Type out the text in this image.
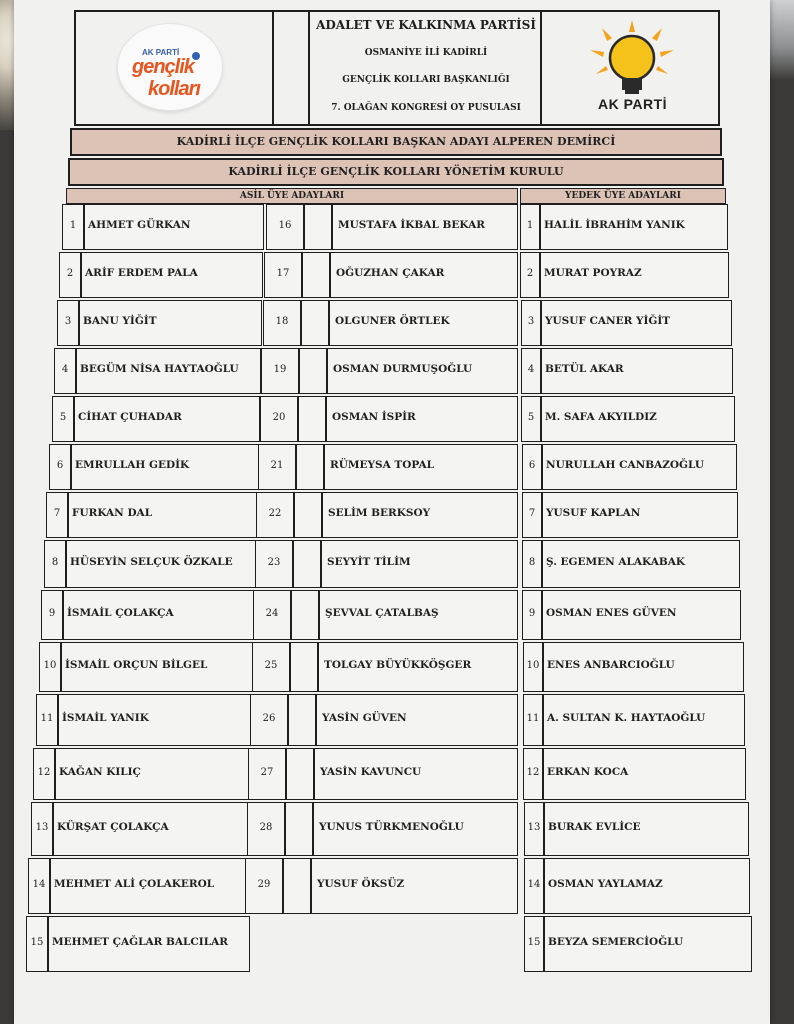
AK PARTİ
gençlik
kolları
ADALET VE KALKINMA PARTİSİ
OSMANİYE İLİ KADİRLİ
GENÇLİK KOLLARI BAŞKANLIĞI
7. OLAĞAN KONGRESİ OY PUSULASI	AK PARTİ
KADİRLİ İLÇE GENÇLİK KOLLARI BAŞKAN ADAYI ALPEREN DEMİRCİ
KADİRLİ İLÇE GENÇLİK KOLLARI YÖNETİM KURULU
ASİL ÜYE ADAYLARI	YEDEK ÜYE ADAYLARI
1	AHMET GÜRKAN	16	MUSTAFA İKBAL BEKAR	1	HALİL İBRAHİM YANIK
2	ARİF ERDEM PALA	17	OĞUZHAN ÇAKAR	2	MURAT POYRAZ
3	BANU YİĞİT	18	OLGUNER ÖRTLEK	3	YUSUF CANER YİĞİT
4	BEGÜM NİSA HAYTAOĞLU	19	OSMAN DURMUŞOĞLU	4	BETÜL AKAR
5	CİHAT ÇUHADAR	20	OSMAN İSPİR	5	M. SAFA AKYILDIZ
6	EMRULLAH GEDİK	21	RÜMEYSA TOPAL	6	NURULLAH CANBAZOĞLU
7	FURKAN DAL	22	SELİM BERKSOY	7	YUSUF KAPLAN
8	HÜSEYİN SELÇUK ÖZKALE	23	SEYYİT TİLİM	8	Ş. EGEMEN ALAKABAK
9	İSMAİL ÇOLAKÇA	24	ŞEVVAL ÇATALBAŞ	9	OSMAN ENES GÜVEN
10 İSMAİL ORÇUN BİLGEL	25	TOLGAY BÜYÜKKÖŞGER	10 ENES ANBARCIOĞLU
11 İSMAİL YANIK	26	YASİN GÜVEN	11 A. SULTAN K. HAYTAOĞLU
12 KAĞAN KILIÇ	27	YASİN KAVUNCU	12 ERKAN KOCA
13 KÜRŞAT ÇOLAKÇA	28	YUNUS TÜRKMENOĞLU	13 BURAK EVLİCE
14 MEHMET ALİ ÇOLAKEROL	29	YUSUF ÖKSÜZ	14 OSMAN YAYLAMAZ
15 MEHMET ÇAĞLAR BALCILAR	15 BEYZA SEMERCİOĞLU
